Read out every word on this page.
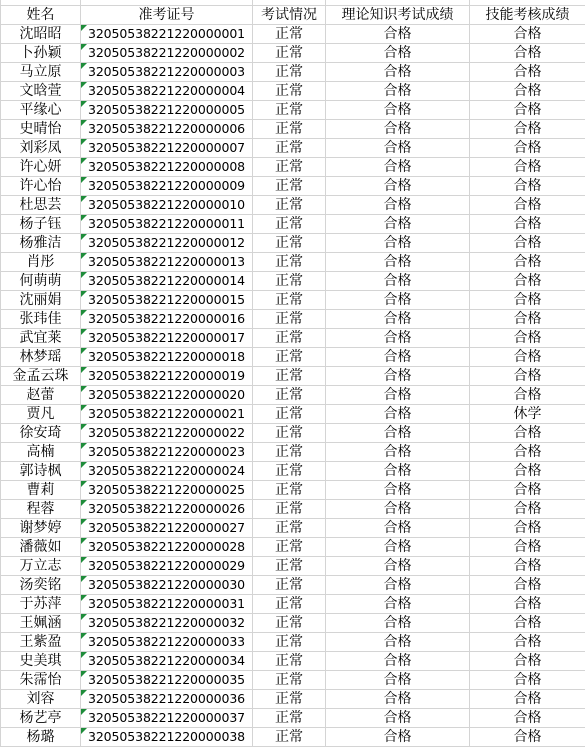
姓名	准考证号	考试情况	理论知识考试成绩	技能考核成绩
沈昭昭	32050538221220000001	正常	合格	合格
卜孙颖	32050538221220000002	正常	合格	合格
马立原	32050538221220000003	正常	合格	合格
文晗萱	32050538221220000004	正常	合格	合格
平缘心	32050538221220000005	正常	合格	合格
史晴怡	32050538221220000006	正常	合格	合格
刘彩凤	32050538221220000007	正常	合格	合格
许心妍	32050538221220000008	正常	合格	合格
许心怡	32050538221220000009	正常	合格	合格
杜思芸	32050538221220000010	正常	合格	合格
杨子钰	32050538221220000011	正常	合格	合格
杨雅洁	32050538221220000012	正常	合格	合格
肖彤	32050538221220000013	正常	合格	合格
何萌萌	32050538221220000014	正常	合格	合格
沈丽娟	32050538221220000015	正常	合格	合格
张玮佳	32050538221220000016	正常	合格	合格
武宜莱	32050538221220000017	正常	合格	合格
林梦瑶	32050538221220000018	正常	合格	合格
金孟云珠	32050538221220000019	正常	合格	合格
赵蕾	32050538221220000020	正常	合格	合格
贾凡	32050538221220000021	正常	合格	休学
徐安琦	32050538221220000022	正常	合格	合格
高楠	32050538221220000023	正常	合格	合格
郭诗枫	32050538221220000024	正常	合格	合格
曹莉	32050538221220000025	正常	合格	合格
程蓉	32050538221220000026	正常	合格	合格
谢梦婷	32050538221220000027	正常	合格	合格
潘薇如	32050538221220000028	正常	合格	合格
万立志	32050538221220000029	正常	合格	合格
汤奕铭	32050538221220000030	正常	合格	合格
于苏萍	32050538221220000031	正常	合格	合格
王姵涵	32050538221220000032	正常	合格	合格
王紫盈	32050538221220000033	正常	合格	合格
史美琪	32050538221220000034	正常	合格	合格
朱霈怡	32050538221220000035	正常	合格	合格
刘容	32050538221220000036	正常	合格	合格
杨艺亭	32050538221220000037	正常	合格	合格
杨璐	32050538221220000038	正常	合格	合格
